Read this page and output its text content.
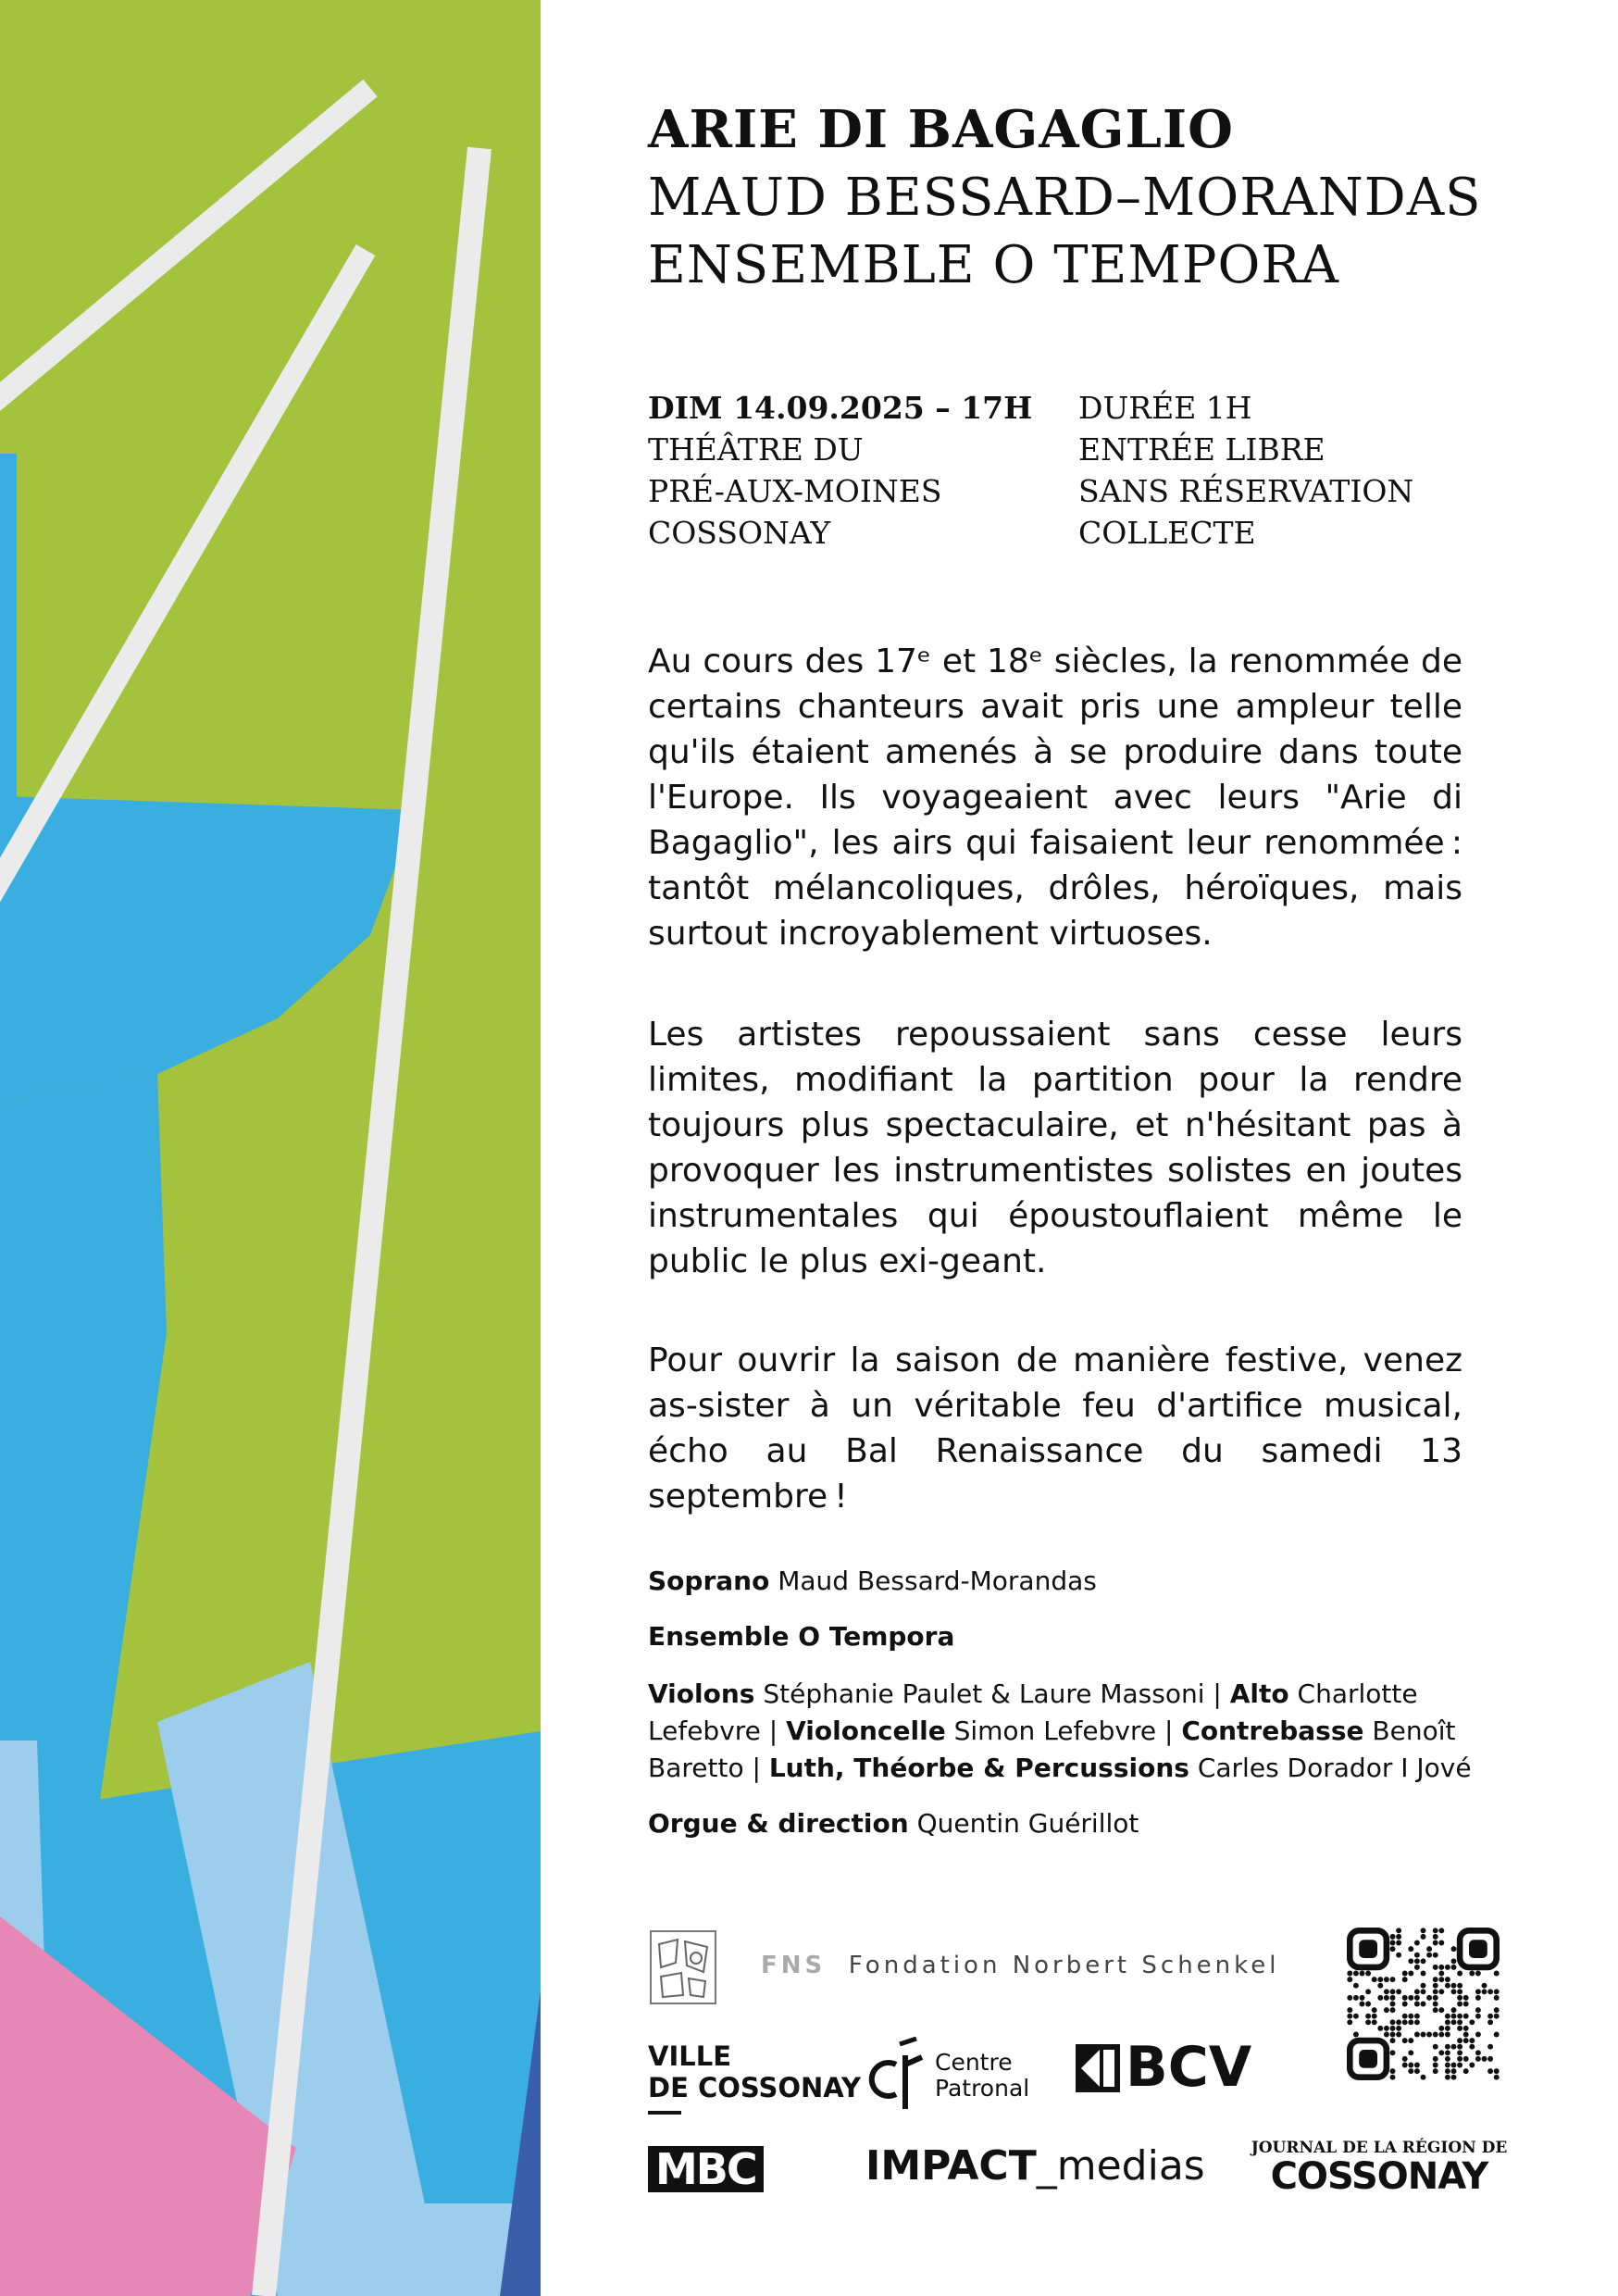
ARIE DI BAGAGLIO
MAUD BESSARD–MORANDAS
ENSEMBLE O TEMPORA
DIM 14.09.2025 – 17H
THÉÂTRE DU
PRÉ-AUX-MOINES
COSSONAY
DURÉE 1H
ENTRÉE LIBRE
SANS RÉSERVATION
COLLECTE

Au cours des 17ᵉ et 18ᵉ siècles, la renommée de certains chanteurs avait pris une ampleur telle qu'ils étaient amenés à se produire dans toute l'Europe. Ils voyageaient avec leurs "Arie di Bagaglio", les airs qui faisaient leur renommée : tantôt mélancoliques, drôles, héroïques, mais surtout incroyablement virtuoses.

Les artistes repoussaient sans cesse leurs limites, modifiant la partition pour la rendre toujours plus spectaculaire, et n'hésitant pas à provoquer les instrumentistes solistes en joutes instrumentales qui époustouflaient même le public le plus exi-geant.

Pour ouvrir la saison de manière festive, venez as-sister à un véritable feu d'artifice musical, écho au Bal Renaissance du samedi 13 septembre !

Soprano Maud Bessard-Morandas

Ensemble O Tempora

Violons Stéphanie Paulet & Laure Massoni | Alto Charlotte Lefebvre | Violoncelle Simon Lefebvre | Contrebasse Benoît Baretto | Luth, Théorbe & Percussions Carles Dorador I Jové

Orgue & direction Quentin Guérillot

FNS Fondation Norbert Schenkel
VILLE
DE COSSONAY
Centre
Patronal BCV
MBC	IMPACT_medias	JOURNAL DE LA RÉGION DE
COSSONAY
